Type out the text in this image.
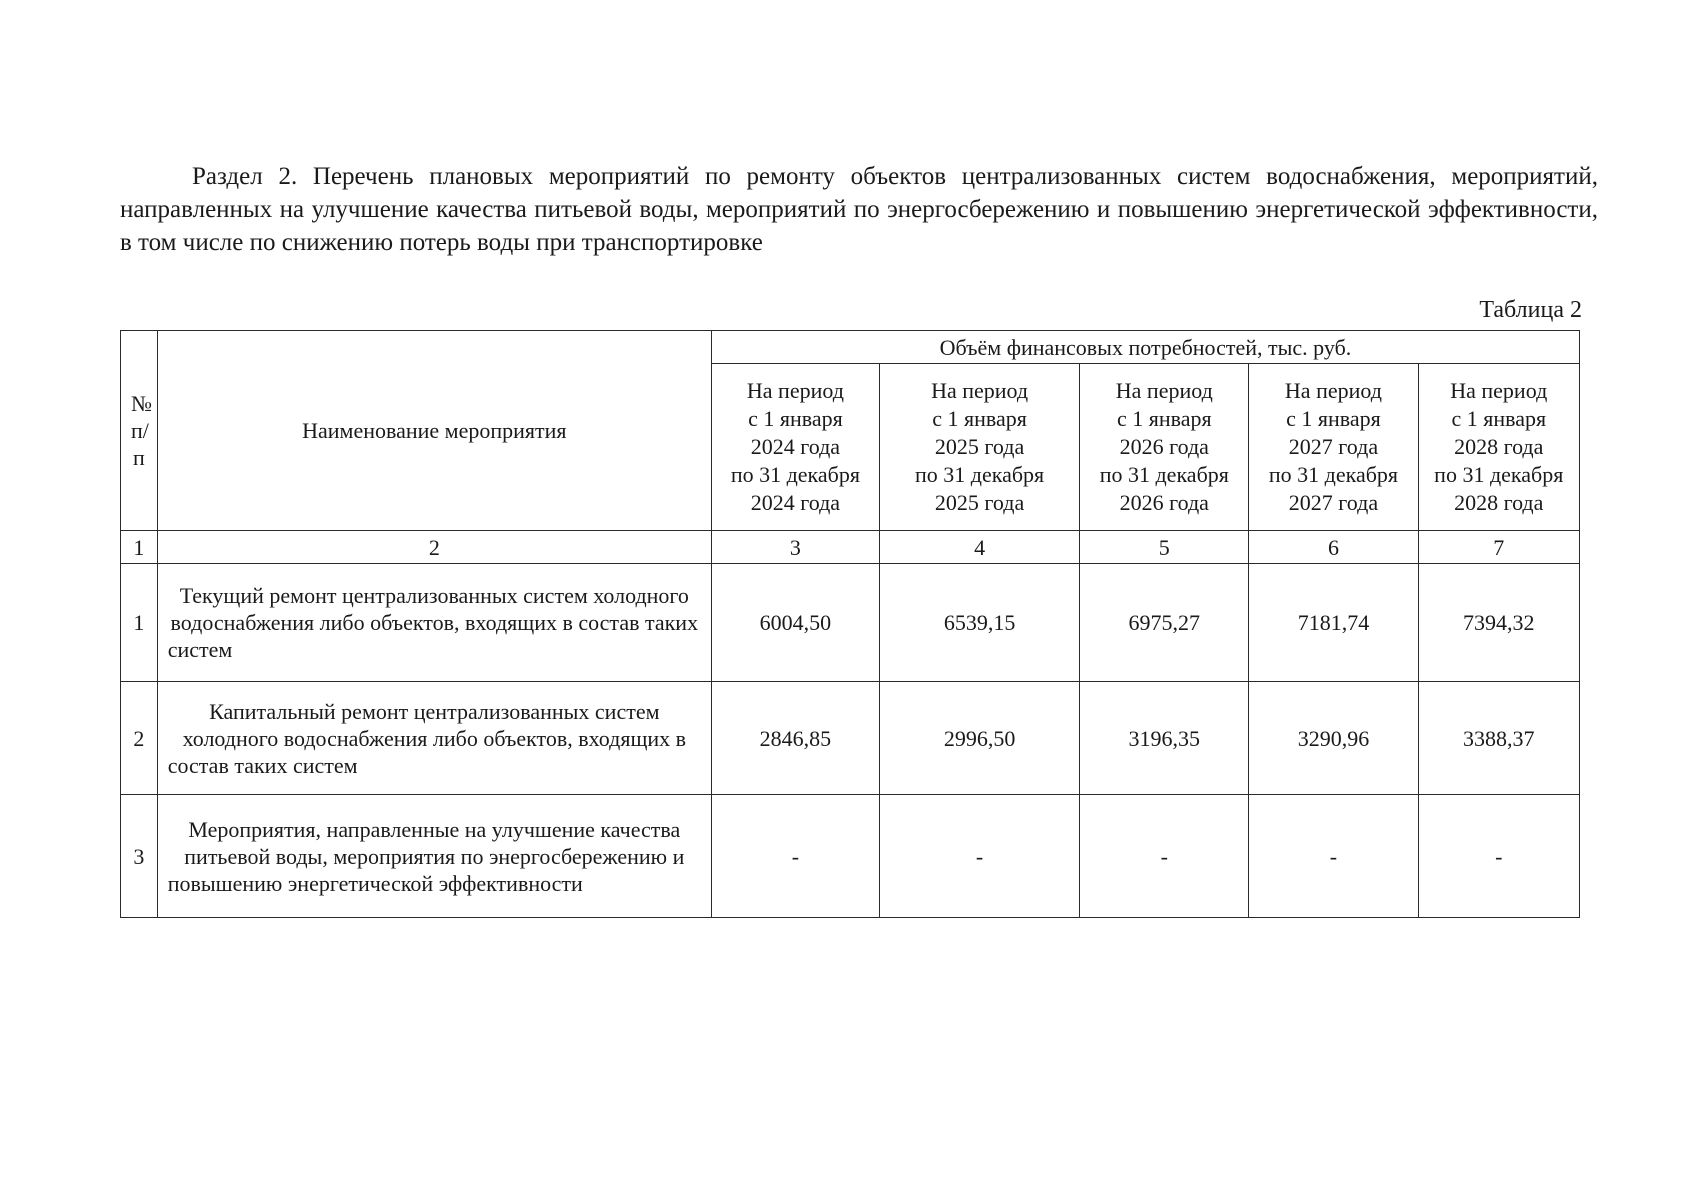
Раздел 2. Перечень плановых мероприятий по ремонту объектов централизованных систем водоснабжения, мероприятий, направленных на улучшение качества питьевой воды, мероприятий по энергосбережению и повышению энергетической эффективности, в том числе по снижению потерь воды при транспортировке

Таблица 2
№ п/п	Наименование мероприятия	Объём финансовых потребностей, тыс. руб.				

		На период
с 1 января
2024 года
по 31 декабря
2024 года	На период
с 1 января
2025 года
по 31 декабря
2025 года	На период
с 1 января
2026 года
по 31 декабря
2026 года	На период
с 1 января
2027 года
по 31 декабря
2027 года	На период
с 1 января
2028 года
по 31 декабря
2028 года

1	2	3	4	5	6	7
1	Текущий ремонт централизованных систем холодного водоснабжения либо объектов, входящих в состав таких систем	6004,50	6539,15	6975,27	7181,74	7394,32
2	Капитальный ремонт централизованных систем холодного водоснабжения либо объектов, входящих в состав таких систем	2846,85	2996,50	3196,35	3290,96	3388,37
3	Мероприятия, направленные на улучшение качества питьевой воды, мероприятия по энергосбережению и повышению энергетической эффективности	-	-	-	-	-
